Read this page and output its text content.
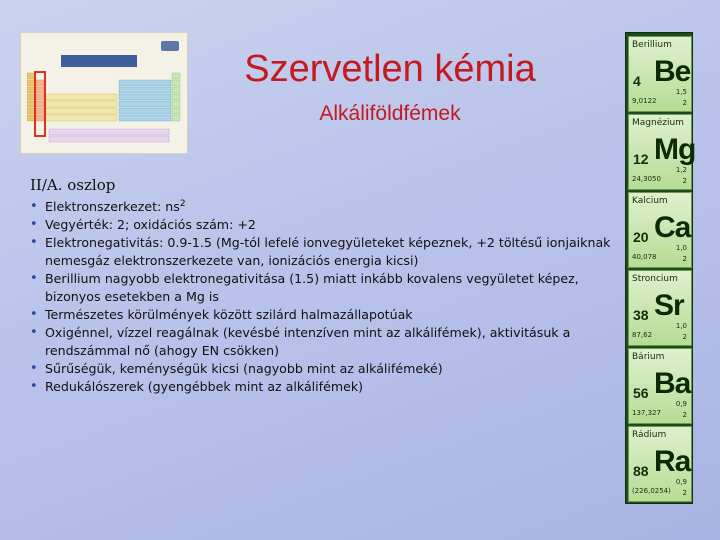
Szervetlen kémia
Alkáliföldfémek
II/A. oszlop
• Elektronszerkezet: $ns^2$
• Vegyérték: 2; oxidációs szám: +2
• Elektronegativitás: 0.9-1.5 (Mg-tól lefelé ionvegyületeket képeznek, +2 töltésű ionjaiknak nemesgáz elektronszerkezete van, ionizációs energia kicsi)
• Berillium nagyobb elektronegativitása (1.5) miatt inkább kovalens vegyületet képez, bizonyos esetekben a Mg is
• Természetes körülmények között szilárd halmazállapotúak
• Oxigénnel, vízzel reagálnak (kevésbé intenzíven mint az alkálifémek), aktivitásuk a rendszámmal nő (ahogy EN csökken)
• Sűrűségük, keménységük kicsi (nagyobb mint az alkálifémeké)
• Redukálószerek (gyengébbek mint az alkálifémek)
Berillium
4 Be
1,5
9,0122	2
Magnézium
12 Mg
1,2
24,3050	2
Kalcium
20 Ca
1,0
40,078	2
Stroncium
38 Sr
1,0
87,62	2
Bárium
56 Ba
0,9
137,327	2
Rádium
88 Ra
0,9
(226,0254) 2
